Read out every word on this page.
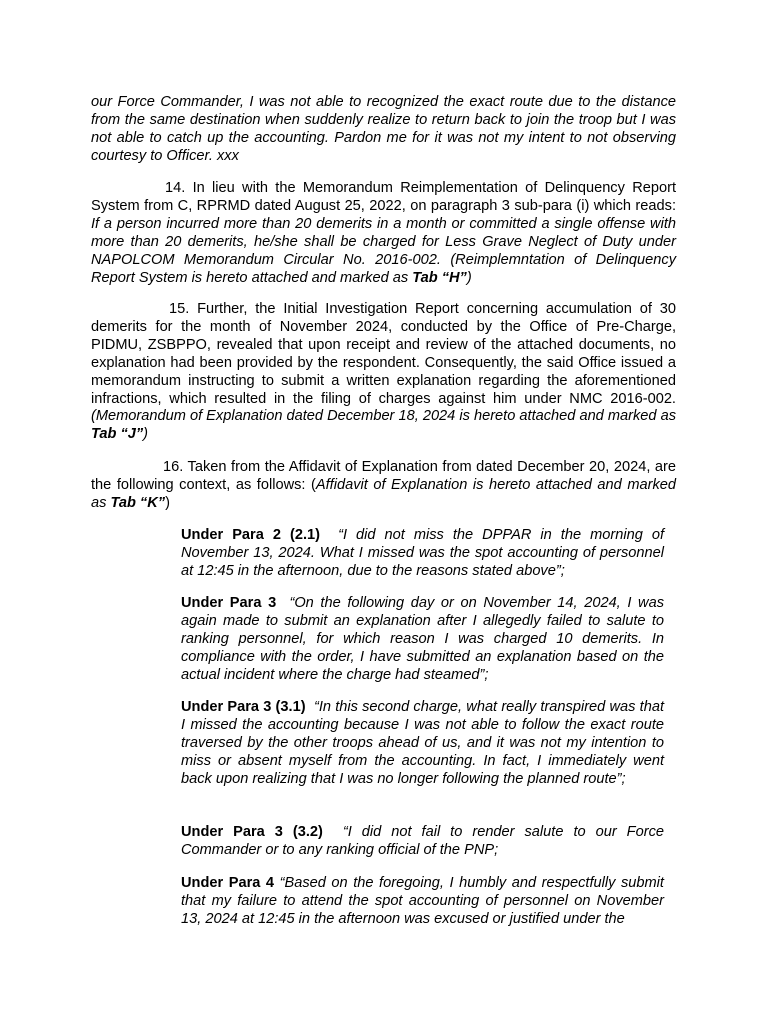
our Force Commander, I was not able to recognized the exact route due to the distance from the same destination when suddenly realize to return back to join the troop but I was not able to catch up the accounting. Pardon me for it was not my intent to not observing courtesy to Officer. xxx

14. In lieu with the Memorandum Reimplementation of Delinquency Report System from C, RPRMD dated August 25, 2022, on paragraph 3 sub-para (i) which reads: If a person incurred more than 20 demerits in a month or committed a single offense with more than 20 demerits, he/she shall be charged for Less Grave Neglect of Duty under NAPOLCOM Memorandum Circular No. 2016-002. (Reimplemntation of Delinquency Report System is hereto attached and marked as Tab “H”)

15. Further, the Initial Investigation Report concerning accumulation of 30 demerits for the month of November 2024, conducted by the Office of Pre-Charge, PIDMU, ZSBPPO, revealed that upon receipt and review of the attached documents, no explanation had been provided by the respondent. Consequently, the said Office issued a memorandum instructing to submit a written explanation regarding the aforementioned infractions, which resulted in the filing of charges against him under NMC 2016-002. (Memorandum of Explanation dated December 18, 2024 is hereto attached and marked as Tab “J”)

16. Taken from the Affidavit of Explanation from dated December 20, 2024, are the following context, as follows: (Affidavit of Explanation is hereto attached and marked as Tab “K”)

Under Para 2 (2.1) “I did not miss the DPPAR in the morning of November 13, 2024. What I missed was the spot accounting of personnel at 12:45 in the afternoon, due to the reasons stated above”;

Under Para 3 “On the following day or on November 14, 2024, I was again made to submit an explanation after I allegedly failed to salute to ranking personnel, for which reason I was charged 10 demerits. In compliance with the order, I have submitted an explanation based on the actual incident where the charge had steamed”;

Under Para 3 (3.1) “In this second charge, what really transpired was that I missed the accounting because I was not able to follow the exact route traversed by the other troops ahead of us, and it was not my intention to miss or absent myself from the accounting. In fact, I immediately went back upon realizing that I was no longer following the planned route”;

Under Para 3 (3.2) “I did not fail to render salute to our Force Commander or to any ranking official of the PNP;

Under Para 4 “Based on the foregoing, I humbly and respectfully submit that my failure to attend the spot accounting of personnel on November 13, 2024 at 12:45 in the afternoon was excused or justified under the
